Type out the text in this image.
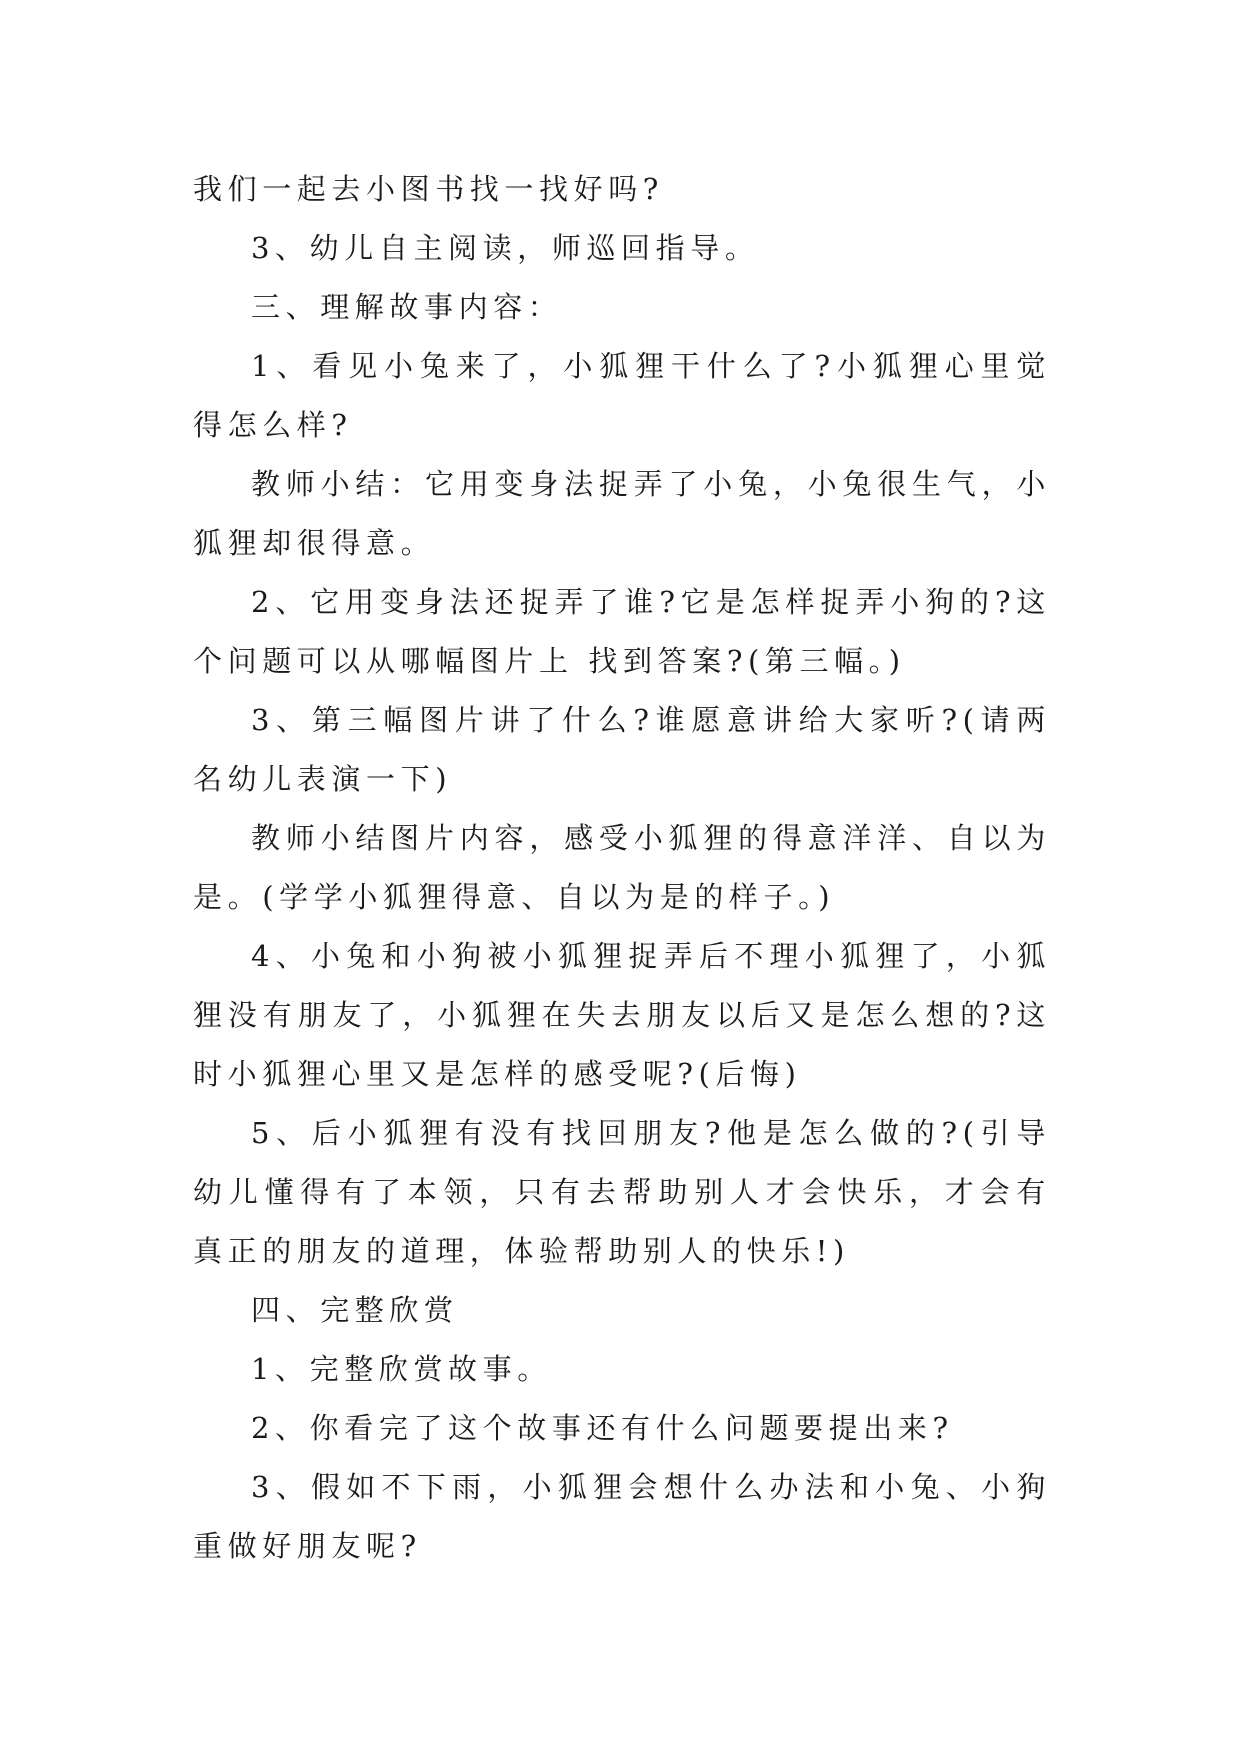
我们一起去小图书找一找好吗?

3、幼儿自主阅读，师巡回指导。

三、理解故事内容：

1、看见小兔来了，小狐狸干什么了?小狐狸心里觉得怎么样?

教师小结：它用变身法捉弄了小兔，小兔很生气，小狐狸却很得意。

2、它用变身法还捉弄了谁?它是怎样捉弄小狗的?这个问题可以从哪幅图片上 找到答案?(第三幅。)

3、第三幅图片讲了什么?谁愿意讲给大家听?(请两名幼儿表演一下)

教师小结图片内容，感受小狐狸的得意洋洋、自以为是。(学学小狐狸得意、自以为是的样子。)

4、小兔和小狗被小狐狸捉弄后不理小狐狸了，小狐狸没有朋友了，小狐狸在失去朋友以后又是怎么想的?这时小狐狸心里又是怎样的感受呢?(后悔)

5、后小狐狸有没有找回朋友?他是怎么做的?(引导幼儿懂得有了本领，只有去帮助别人才会快乐，才会有真正的朋友的道理，体验帮助别人的快乐!)

四、完整欣赏

1、完整欣赏故事。

2、你看完了这个故事还有什么问题要提出来?

3、假如不下雨，小狐狸会想什么办法和小兔、小狗重做好朋友呢?
